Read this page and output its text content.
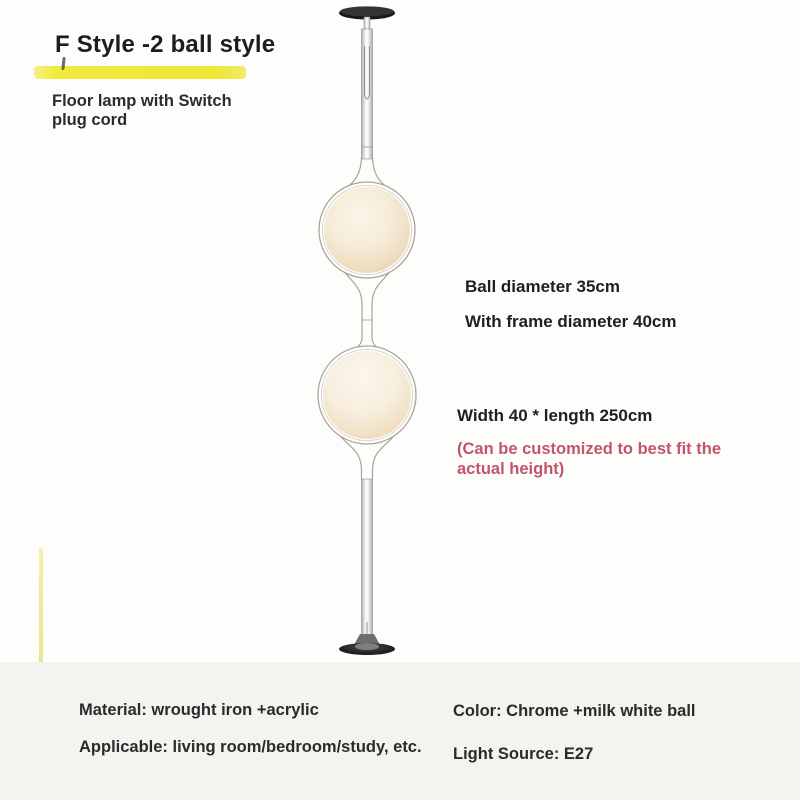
F Style -2 ball style
Floor lamp with Switch plug cord
Ball diameter 35cm
With frame diameter 40cm
Width 40 * length 250cm
(Can be customized to best fit the actual height)
Material: wrought iron +acrylic
Applicable: living room/bedroom/study, etc.
Color: Chrome +milk white ball
Light Source: E27
